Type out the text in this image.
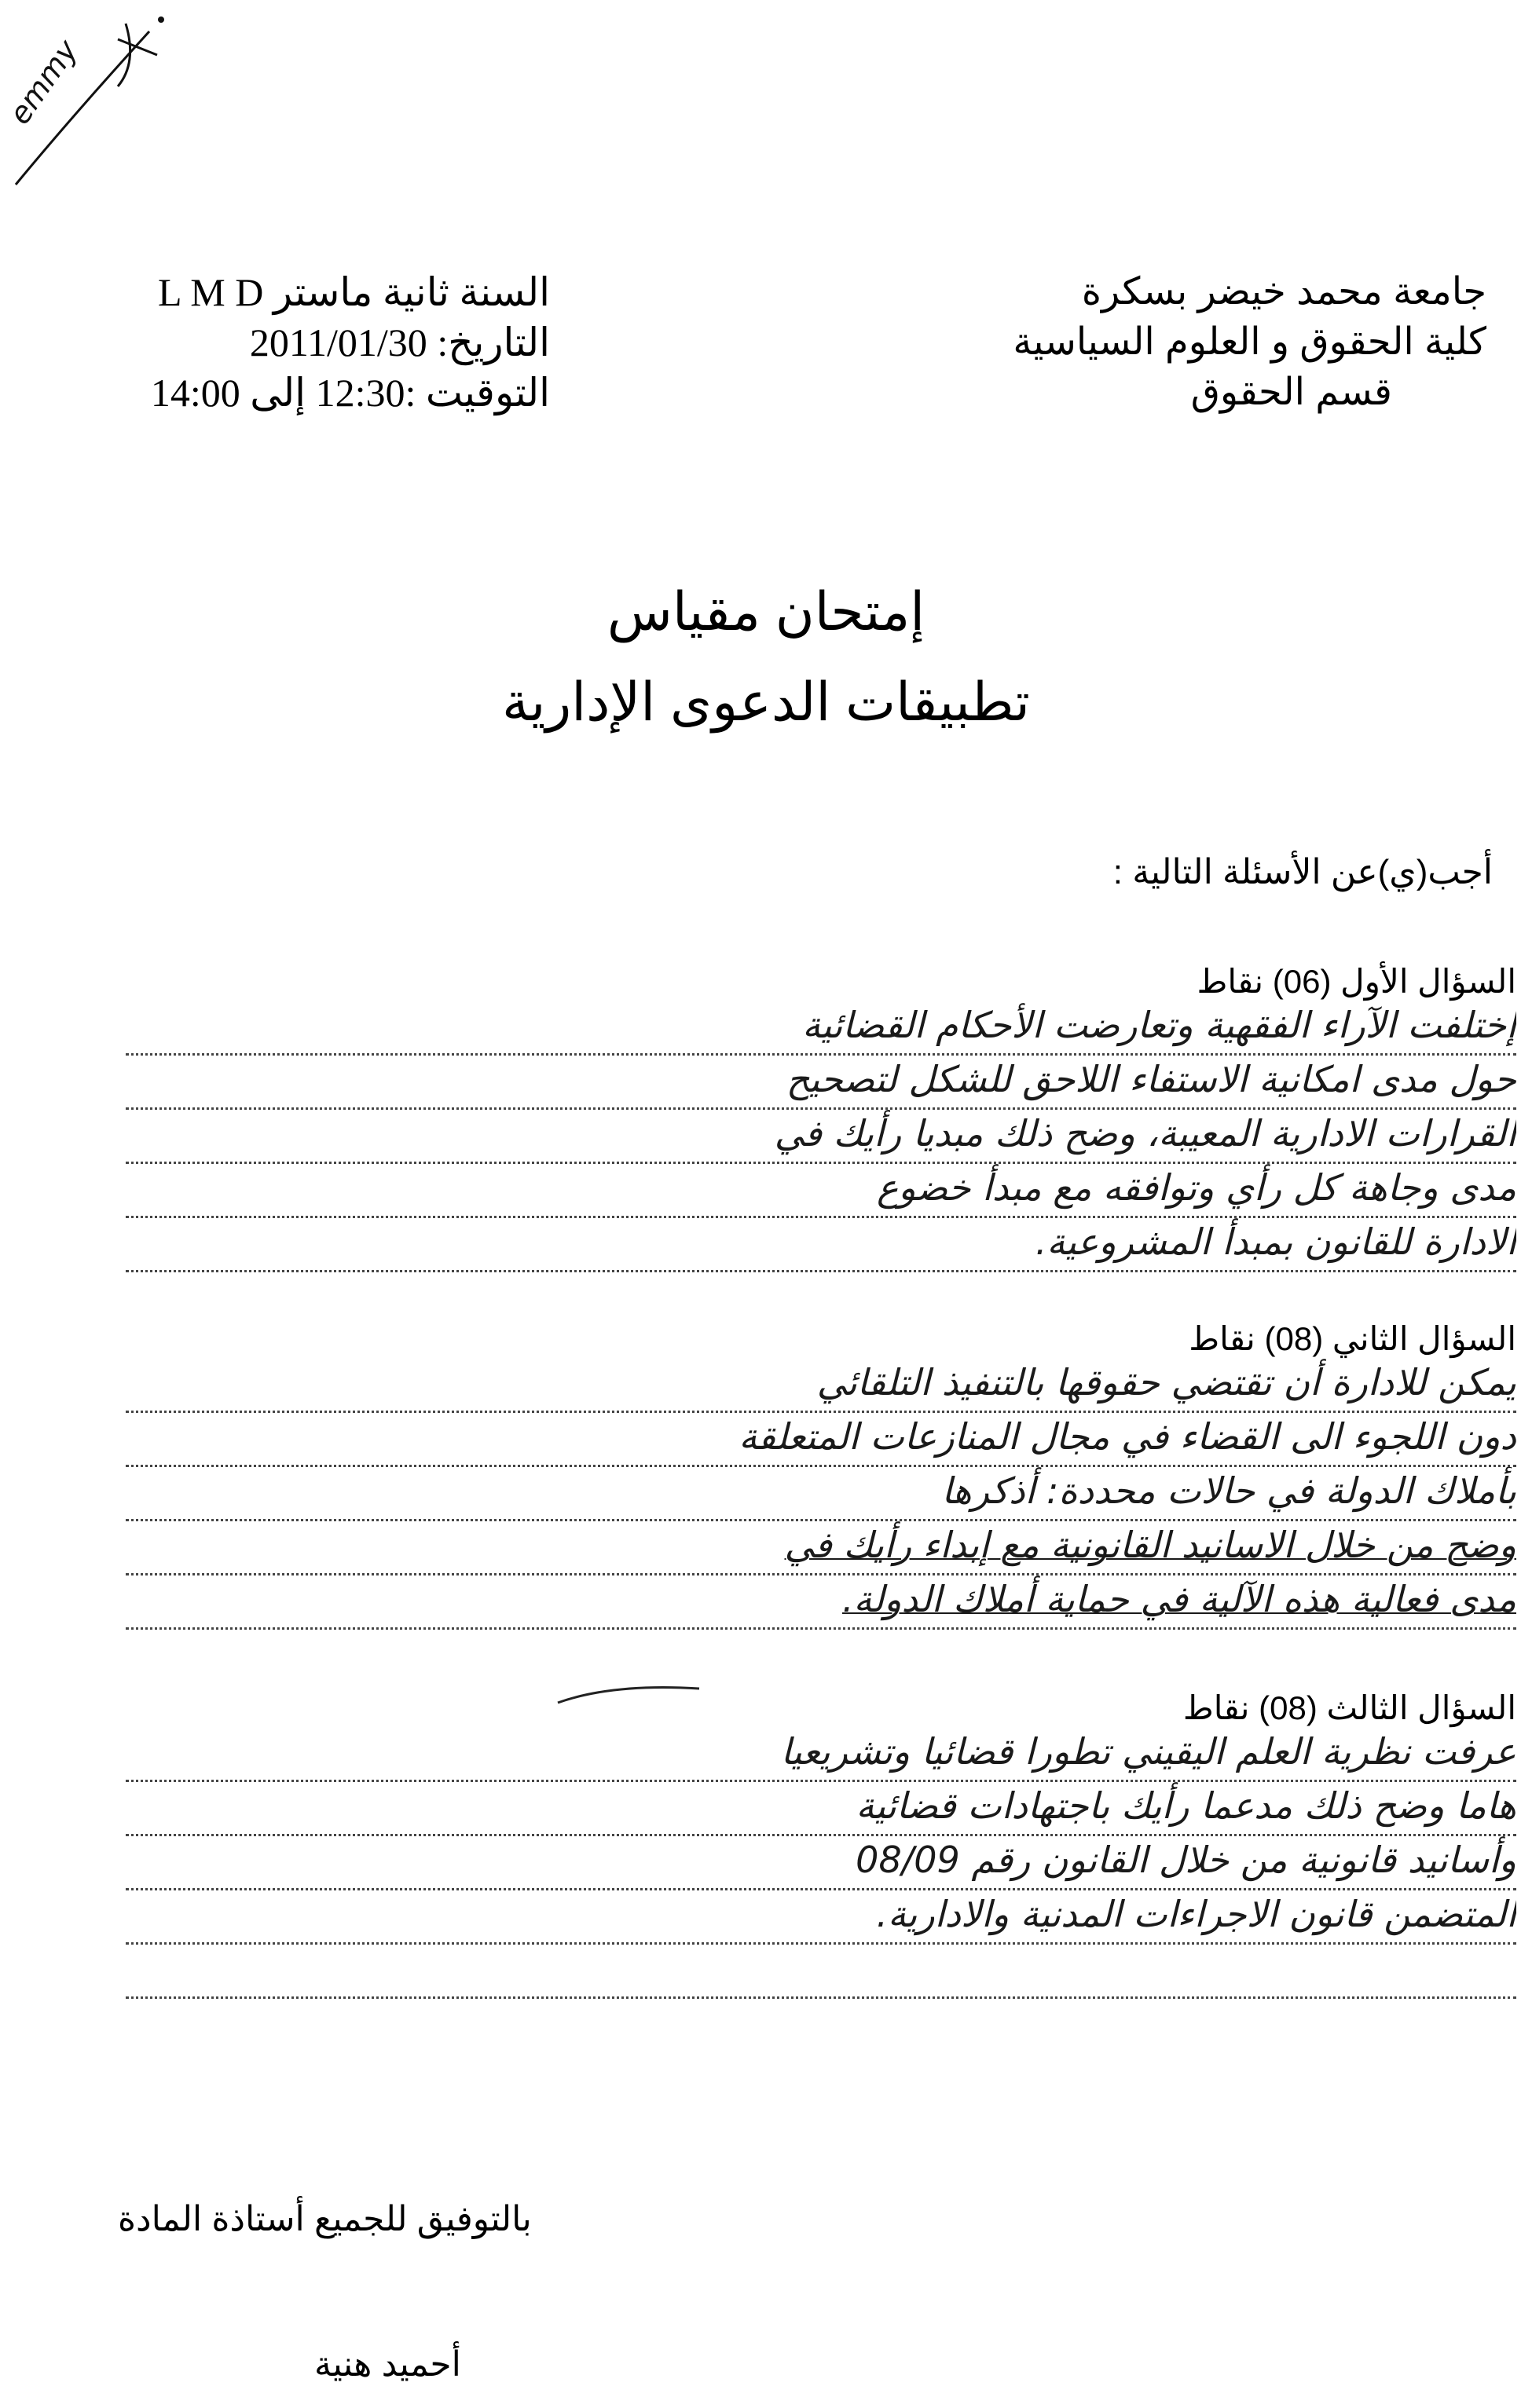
emmy
جامعة محمد خيضر بسكرة
كلية الحقوق و العلوم السياسية
قسم الحقوق
السنة ثانية ماستر L M D
التاريخ: 2011/01/30
التوقيت :12:30 إلى 14:00
إمتحان مقياس
تطبيقات الدعوى الإدارية
أجب(ي)عن الأسئلة التالية :
السؤال الأول (06) نقاط
إختلفت الآراء الفقهية وتعارضت الأحكام القضائية
حول مدى امكانية الاستفاء اللاحق للشكل لتصحيح
القرارات الادارية المعيبة، وضح ذلك مبديا رأيك في
مدى وجاهة كل رأي وتوافقه مع مبدأ خضوع
الادارة للقانون بمبدأ المشروعية.
السؤال الثاني (08) نقاط
يمكن للادارة أن تقتضي حقوقها بالتنفيذ التلقائي
دون اللجوء الى القضاء في مجال المنازعات المتعلقة
بأملاك الدولة في حالات محددة: أذكرها
وضح من خلال الاسانيد القانونية مع إبداء رأيك في
مدى فعالية هذه الآلية في حماية أملاك الدولة.
السؤال الثالث (08) نقاط
عرفت نظرية العلم اليقيني تطورا قضائيا وتشريعيا
هاما وضح ذلك مدعما رأيك باجتهادات قضائية
وأسانيد قانونية من خلال القانون رقم 08/09
المتضمن قانون الاجراءات المدنية والادارية.
بالتوفيق للجميع أستاذة المادة
أحميد هنية
